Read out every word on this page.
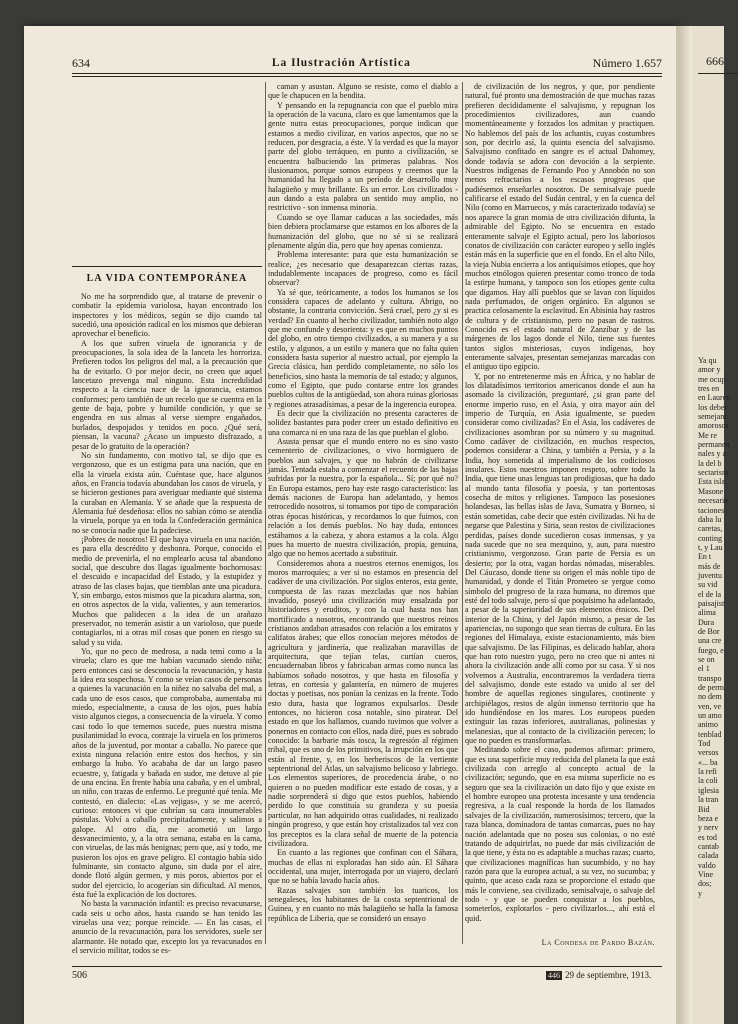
634	La Ilustración Artística	Número 1.657
LA VIDA CONTEMPORÁNEA

No me ha sorprendido que, al tratarse de prevenir o combatir la epidemia variolosa, hayan encontrado los inspectores y los médicos, según se dijo cuando tal sucedió, una oposición radical en los mismos que debieran aprovechar el beneficio.

A los que sufren viruela de ignorancia y de preocupaciones, la sola idea de la lanceta les horroriza. Prefieren todos los peligros del mal, a la precaución que ha de evitarlo. O por mejor decir, no creen que aquel lancetazo prevenga mal ninguno. Esta incredulidad respecto a la ciencia nace de la ignorancia, estamos conformes; pero también de un recelo que se cuentra en la gente de baja, pobre y humilde condición, y que se engendra en sus almas al verse siempre engañados, burlados, despojados y tenidos en poco. ¿Qué será, piensan, la vacuna? ¿Acaso un impuesto disfrazado, a pesar de lo gratuito de la operación?

No sin fundamento, con motivo tal, se dijo que es vergonzoso, que es un estigma para una nación, que en ella la viruela exista aún. Cuéntase que, hace algunos años, en Francia todavía abundaban los casos de viruela, y se hicieron gestiones para averiguar mediante qué sistema la curaban en Alemania. Y se añade que la respuesta de Alemania fué desdeñosa: ellos no sabían cómo se atendía la viruela, porque ya en toda la Confederación germánica no se conocía nadie que la padeciese.

¡Pobres de nosotros! El que haya viruela en una nación, es para ella descrédito y deshonra. Porque, conocido el medio de prevenirla, el no emplearlo acusa tal abandono social, que descubre dos llagas igualmente bochornosas: el descuido e incapacidad del Estado, y la estupidez y atraso de las clases bajas, que tiemblan ante una picadura. Y, sin embargo, estos mismos que la picadura alarma, son, en otros aspectos de la vida, valientes, y aun temerarios. Muchos que palidecen a la idea de un arañazo preservador, no temerán asistir a un varioloso, que puede contagiarlos, ni a otras mil cosas que ponen en riesgo su salud y su vida.

Yo, que no peco de medrosa, a nada temí como a la viruela; claro es que me habían vacunado siendo niña; pero entonces casi se desconocía la revacunación, y hasta la idea era sospechosa. Y como se veían casos de personas a quienes la vacunación en la niñez no salvaba del mal, a cada uno de esos casos, que comprobaba, aumentaba mi miedo, especialmente, a causa de los ojos, pues había visto algunos ciegos, a consecuencia de la viruela. Y como casi todo lo que tememos sucede, pues nuestra misma pusilanimidad lo evoca, contraje la viruela en los primeros años de la juventud, por montar a caballo. No parece que exista ninguna relación entre estos dos hechos, y sin embargo la hubo. Yo acababa de dar un largo paseo ecuestre, y, fatigada y bañada en sudor, me detuve al pie de una encina. En frente había una cabaña, y en el umbral, un niño, con trazas de enfermo. Le pregunté qué tenía. Me contestó, en dialecto: «Las vejigas», y se me acercó, curioso: entonces vi que cubrían su cara innumerables pústulas. Volví a caballo precipitadamente, y salimos a galope. Al otro día, me acometió un largo desvanecimiento, y, a la otra semana, estaba en la cama, con viruelas, de las más benignas; pero que, así y todo, me pusieron los ojos en grave peligro. El contagio había sido fulminante, sin contacto alguno, sin duda por el aire, donde flotó algún germen, y mis poros, abiertos por el sudor del ejercicio, lo acogerían sin dificultad. Al menos, ésta fué la explicación de los doctores.

No basta la vacunación infantil: es preciso revacunarse, cada seis u ocho años, hasta cuando se han tenido las viruelas una vez; porque reincide. — En las casas, el anuncio de la revacunación, para los servidores, suele ser alarmante. He notado que, excepto los ya revacunados en el servicio militar, todos se es-

caman y asustan. Alguno se resiste, como el diablo a que le chapucen en la bendita.

Y pensando en la repugnancia con que el pueblo mira la operación de la vacuna, claro es que lamentamos que la gente nutra estas preocupaciones, porque indican que estamos a medio civilizar, en varios aspectos, que no se reducen, por desgracia, a éste. Y la verdad es que la mayor parte del globo terráqueo, en punto a civilización, se encuentra balbuciendo las primeras palabras. Nos ilusionamos, porque somos europeos y creemos que la humanidad ha llegado a un período de desarrollo muy halagüeño y muy brillante. Es un error. Los civilizados - aun dando a esta palabra un sentido muy amplio, no restrictivo - son inmensa minoría.

Cuando se oye llamar caducas a las sociedades, más bien debiera proclamarse que estamos en los albores de la humanización del globo, que no sé si se realizará plenamente algún día, pero que hoy apenas comienza.

Problema interesante: para que esta humanización se realice, ¿es necesario que desaparezcan ciertas razas, indudablemente incapaces de progreso, como es fácil observar?

Ya sé que, teóricamente, a todos los humanos se los considera capaces de adelanto y cultura. Abrigo, no obstante, la contraria convicción. Será cruel, pero ¿y si es verdad? En cuanto al hecho civilizador, también noto algo que me confunde y desorienta: y es que en muchos puntos del globo, en otro tiempo civilizados, a su manera y a su estilo, y algunos, a un estilo y manera que no falta quien considera hasta superior al nuestro actual, por ejemplo la Grecia clásica, han perdido completamente, no sólo los beneficios, sino hasta la memoria de tal estado; y algunos, como el Egipto, que pudo contarse entre los grandes pueblos cultos de la antigüedad, son ahora ruinas gloriosas y regiones atrasadísimas, a pesar de la ingerencia europea.

Es decir que la civilización no presenta caracteres de solidez bastantes para poder creer un estado definitivo en una comarca ni en una raza de las que pueblan el globo.

Asusta pensar que el mundo entero no es sino vasto cementerio de civilizaciones, o vivo hormiguero de pueblos aun salvajes, y que no habrán de civilizarse jamás. Tentada estaba a comenzar el recuento de las bajas sufridas por la nuestra, por la española... Sí; por qué no? En Europa estamos, pero hay este rasgo característico: las demás naciones de Europa han adelantado, y hemos retrocedido nosotros, si tomamos por tipo de comparación otras épocas históricas, y recordamos lo que fuimos, con relación a los demás pueblos. No hay duda, entonces estábamos a la cabeza, y ahora estamos a la cola. Algo pues ha muerto de nuestra civilización, propia, genuina, algo que no hemos acertado a substituir.

Consideremos ahora a nuestros eternos enemigos, los moros marroquíes; a ver si no estamos en presencia del cadáver de una civilización. Por siglos enteros, esta gente, compuesta de las razas mezcladas que nos habían invadido, poseyó una civilización muy ensalzada por historiadores y eruditos, y con la cual hasta nos han mortificado a nosotros, encontrando que nuestros reinos cristianos andaban atrasados con relación a los emiratos y califatos árabes; que ellos conocían mejores métodos de agricultura y jardinería, que realizaban maravillas de arquitectura, que tejían telas, curtían cueros, encuadernaban libros y fabricaban armas como nunca las habíamos soñado nosotros, y que hasta en filosofía y letras, en cortesía y galantería, en número de mujeres doctas y poetisas, nos ponían la cenizas en la frente. Todo esto dura, hasta que logramos expulsarlos. Desde entonces, no hicieron cosa notable, sino piratear. Del estado en que los hallamos, cuando tuvimos que volver a ponernos en contacto con ellos, nada diré, pues es sobrado conocido: la barbarie más tosca, la regresión al régimen tribal, que es uno de los primitivos, la irrupción en los que están al frente, y, en los berberiscos de la vertiente septentrional del Atlas, un salvajismo belicoso y labriego. Los elementos superiores, de procedencia árabe, o no quieren o no pueden modificar este estado de cosas, y a nadie sorprenderá si digo que estos pueblos, habiendo perdido lo que constituía su grandeza y su poesía particular, no han adquirido otras cualidades, ni realizado ningún progreso, y que están hoy cristalizados tal vez con los preceptos es la clara señal de muerte de la potencia civilizadora.

En cuanto a las regiones que confinan con el Sáhara, muchas de ellas ni exploradas han sido aún. El Sáhara occidental, una mujer, interrogada por un viajero, declaró que no se había lavado hacía años.

Razas salvajes son también los tuaricos, los senegaleses, los habitantes de la costa septentrional de Guinea, y en cuanto no más halagüeño se halla la famosa república de Liberia, que se consideró un ensayo

de civilización de los negros, y que, por pendiente natural, fué pronto una demostración de que muchas razas prefieren decididamente el salvajismo, y repugnan los procedimientos civilizadores, aun cuando momentáneamente y forzados los admitan y practiquen. No hablemos del país de los achantis, cuyas costumbres son, por decirlo así, la quinta esencia del salvajismo. Salvajismo confitado en sangre es el actual Dahomey, donde todavía se adora con devoción a la serpiente. Nuestros indígenas de Fernando Poo y Annobón no son menos refractarios a los escasos progresos que pudiésemos enseñarles nosotros. De semisalvaje puede calificarse el estado del Sudán central, y en la cuenca del Nilo (como en Marruecos, y más caracterizado todavía) se nos aparece la gran momia de otra civilización difunta, la admirable del Egipto. No se encuentra en estado enteramente salvaje el Egipto actual, pero los laboriosos conatos de civilización con carácter europeo y sello inglés están más en la superficie que en el fondo. En el alto Nilo, la vieja Nubia encierra a los antiquísimos etíopes, que hoy muchos etnólogos quieren presentar como tronco de toda la estirpe humana, y tampoco son los etíopes gente culta que digamos. Hay allí pueblos que se lavan con líquidos nada perfumados, de origen orgánico. En algunos se practica celosamente la esclavitud. En Abisinia hay rastros de cultura y de cristianismo, pero no pasan de rastros. Conocido es el estado natural de Zanzíbar y de las márgenes de los lagos donde el Nilo, tiene sus fuentes tantos siglos misteriosas, cuyos indígenas, hoy enteramente salvajes, presentan semejanzas marcadas con el antiguo tipo egipcio.

Y, por no entretenerme más en África, y no hablar de los dilatadísimos territorios americanos donde el aun ha asomado la civilización, preguntaré, ¿si gran parte del enorme imperio ruso, en el Asia, y otra mayor aún del imperio de Turquía, en Asia igualmente, se pueden considerar como civilizadas? En el Asia, los cadáveres de civilizaciones asombran por su número y su magnitud. Como cadáver de civilización, en muchos respectos, podemos considerar a China, y también a Persia, y a la India, hoy sometida al imperialismo de los codiciosos insulares. Estos nuestros imponen respeto, sobre todo la India, que tiene unas lenguas tan prodigiosas, que ha dado al mundo tanta filosofía y poesía, y tan portentosas cosecha de mitos y religiones. Tampoco las posesiones holandesas, las bellas islas de Java, Sumatra y Borneo, si están sometidas, cabe decir que estén civilizadas. Ni ha de negarse que Palestina y Siria, sean restos de civilizaciones perdidas, países donde sucedieron cosas inmensas, y ya nada sucede que no sea mezquino, y, aun, para nuestro cristianismo, vergonzoso. Gran parte de Persia es un desierto; por la otra, vagan hordas nómadas, miserables. Del Cáucaso, donde tiene su origen el más noble tipo de humanidad, y donde el Titán Prometeo se yergue como símbolo del progreso de la raza humana, no diremos que esté del todo salvaje, pero sí que poquísimo ha adelantado, a pesar de la superioridad de sus elementos étnicos. Del interior de la China, y del Japón mismo, a pesar de las apariencias, no supongo que sean tierras de cultura. En las regiones del Himalaya, existe estacionamiento, más bien que salvajismo. De las Filipinas, es delicado hablar, ahora que han roto nuestro yugo, pero no creo que ni antes ni ahora la civilización ande allí como por su casa. Y si nos volvemos a Australia, encontraremos la verdadera tierra del salvajismo, donde este estado va unido al ser del hombre de aquellas regiones singulares, continente y archipiélagos, restos de algún inmenso territorio que ha ido hundiéndose en los mares. Los europeos pueden extinguir las razas inferiores, australianas, polinesias y melanesias, que al contacto de la civilización perecen; lo que no pueden es transformarlas.

Meditando sobre el caso, podemos afirmar: primero, que es una superficie muy reducida del planeta la que está civilizada con arreglo al concepto actual de la civilización; segundo, que en esa misma superficie no es seguro que sea la civilización un dato fijo y que existe en el hombre europeo una protesta incesante y una tendencia regresiva, a la cual responde la horda de los llamados salvajes de la civilización, numerosísimos; tercero, que la raza blanca, dominadora de tantas comarcas, pues no hay nación adelantada que no posea sus colonias, o no esté tratando de adquirirlas, no puede dar más civilización de la que tiene, y ésta no es adaptable a muchas razas; cuarto, que civilizaciones magníficas han sucumbido, y no hay razón para que la europea actual, a su vez, no sucumba; y quinto, que acaso cada raza se proporcione el estado que más le conviene, sea civilizado, semisalvaje, o salvaje del todo - y que se pueden conquistar a los pueblos, someterlos, explotarlos - pero civilizarlos..., ahí está el quid.

La Condesa de Pardo Bazán.
506	446 29 de septiembre, 1913.
666
Ya qu
amor y
me ocup
tres en
en Lauren
los deber
semejant
amorosos
Me re
permanen
nales y a
la del b
sectarism
Esta isla
Masone
necesaria
taciones
daba lu
caretas,
conting
t, y Lau
En t
más de
juventu
su vid
el de la
paisajist
alima
Dura
de Bor
una cre
fuego, e
se on
el 1
transpo
de perm
no dem
ven, ve
un amo
animo
tenblad
Tod
versos
«... ba
la refi
la coli
iglesia
la tran
Bid
beza e
y nerv
es tod
cantab
calada
valdo
Vine
dos;
y
